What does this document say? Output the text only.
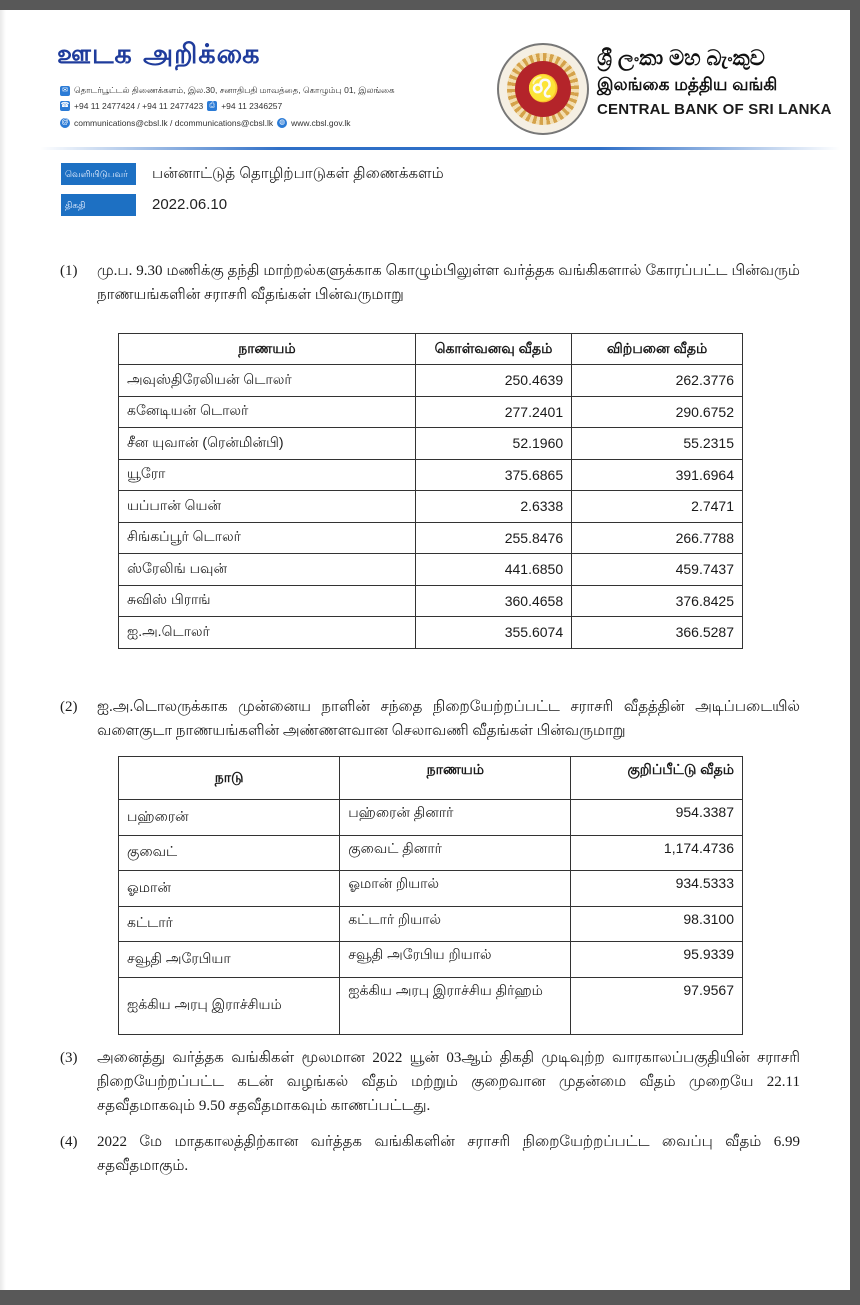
ஊடக அறிக்கை
✉ தொடர்பூட்டல் திணைக்களம், இல.30, சனாதிபதி மாவத்தை, கொழும்பு 01, இலங்கை
☎ +94 11 2477424 / +94 11 2477423 ⎙ +94 11 2346257
@ communications@cbsl.lk / dcommunications@cbsl.lk ◍ www.cbsl.gov.lk
♌
ශ්‍රී ලංකා මහ බැංකුව
இலங்கை மத்திய வங்கி
CENTRAL BANK OF SRI LANKA
வெளியிடுபவர்	பன்னாட்டுத் தொழிற்பாடுகள் திணைக்களம்
திகதி	2022.06.10
(1) மு.ப. 9.30 மணிக்கு தந்தி மாற்றல்களுக்காக கொழும்பிலுள்ள வர்த்தக வங்கிகளால் கோரப்பட்ட பின்வரும் நாணயங்களின் சராசரி வீதங்கள் பின்வருமாறு
நாணயம்	கொள்வனவு வீதம்	விற்பனை வீதம்
அவுஸ்திரேலியன் டொலர்	250.4639	262.3776
கனேடியன் டொலர்	277.2401	290.6752
சீன யுவான் (ரென்மின்பி)	52.1960	55.2315
யூரோ	375.6865	391.6964
யப்பான் யென்	2.6338	2.7471
சிங்கப்பூர் டொலர்	255.8476	266.7788
ஸ்ரேலிங் பவுன்	441.6850	459.7437
சுவிஸ் பிராங்	360.4658	376.8425
ஐ.அ.டொலர்	355.6074	366.5287
(2) ஐ.அ.டொலருக்காக முன்னைய நாளின் சந்தை நிறையேற்றப்பட்ட சராசரி வீதத்தின் அடிப்படையில் வளைகுடா நாணயங்களின் அண்ணளவான செலாவணி வீதங்கள் பின்வருமாறு
நாடு	நாணயம்	குறிப்பீட்டு வீதம்
பஹ்ரைன்	பஹ்ரைன் தினார்	954.3387
குவைட்	குவைட் தினார்	1,174.4736
ஓமான்	ஓமான் றியால்	934.5333
கட்டார்	கட்டார் றியால்	98.3100
சவூதி அரேபியா	சவூதி அரேபிய றியால்	95.9339
ஐக்கிய அரபு இராச்சியம்	ஐக்கிய அரபு இராச்சிய திர்ஹம்	97.9567
(3) அனைத்து வர்த்தக வங்கிகள் மூலமான 2022 யூன் 03ஆம் திகதி முடிவுற்ற வாரகாலப்பகுதியின் சராசரி நிறையேற்றப்பட்ட கடன் வழங்கல் வீதம் மற்றும் குறைவான முதன்மை வீதம் முறையே 22.11 சதவீதமாகவும் 9.50 சதவீதமாகவும் காணப்பட்டது.
(4) 2022 மே மாதகாலத்திற்கான வர்த்தக வங்கிகளின் சராசரி நிறையேற்றப்பட்ட வைப்பு வீதம் 6.99 சதவீதமாகும்.
